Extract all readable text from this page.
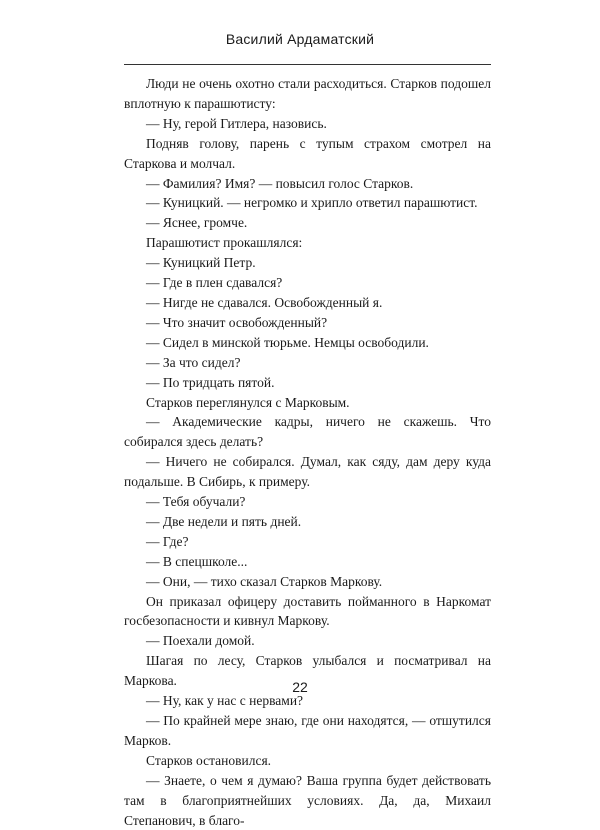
Василий Ардаматский

Люди не очень охотно стали расходиться. Старков подошел вплотную к парашютисту:

— Ну, герой Гитлера, назовись.

Подняв голову, парень с тупым страхом смотрел на Старкова и молчал.

— Фамилия? Имя? — повысил голос Старков.

— Куницкий. — негромко и хрипло ответил парашютист.

— Яснее, громче.

Парашютист прокашлялся:

— Куницкий Петр.

— Где в плен сдавался?

— Нигде не сдавался. Освобожденный я.

— Что значит освобожденный?

— Сидел в минской тюрьме. Немцы освободили.

— За что сидел?

— По тридцать пятой.

Старков переглянулся с Марковым.

— Академические кадры, ничего не скажешь. Что собирался здесь делать?

— Ничего не собирался. Думал, как сяду, дам деру куда подальше. В Сибирь, к примеру.

— Тебя обучали?

— Две недели и пять дней.

— Где?

— В спецшколе...

— Они, — тихо сказал Старков Маркову.

Он приказал офицеру доставить пойманного в Наркомат госбезопасности и кивнул Маркову.

— Поехали домой.

Шагая по лесу, Старков улыбался и посматривал на Маркова.

— Ну, как у нас с нервами?

— По крайней мере знаю, где они находятся, — отшутился Марков.

Старков остановился.

— Знаете, о чем я думаю? Ваша группа будет действовать там в благоприятнейших условиях. Да, да, Михаил Степанович, в благо-

22
